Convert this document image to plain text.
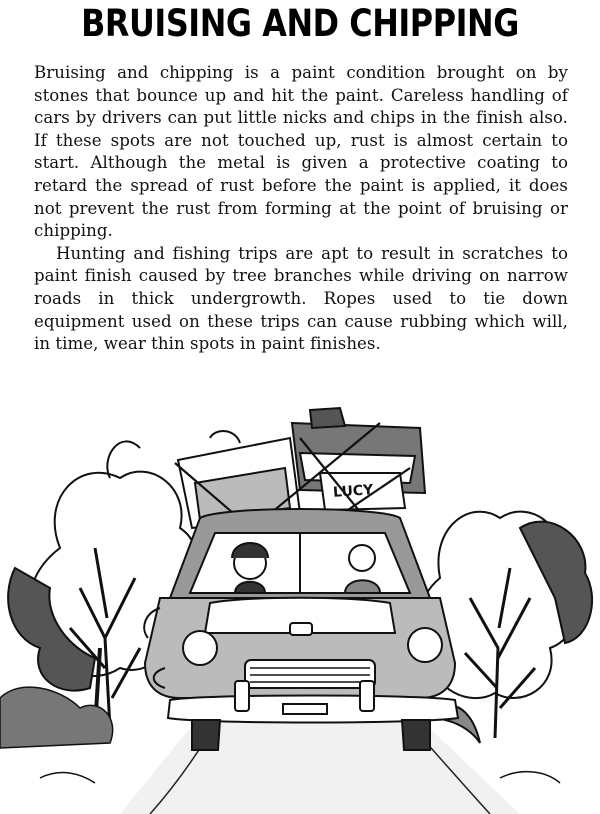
BRUISING AND CHIPPING

Bruising and chipping is a paint condition brought on by stones that bounce up and hit the paint. Careless handling of cars by drivers can put little nicks and chips in the finish also. If these spots are not touched up, rust is almost certain to start. Although the metal is given a protective coating to retard the spread of rust before the paint is applied, it does not prevent the rust from forming at the point of bruising or chipping.

Hunting and fishing trips are apt to result in scratches to paint finish caused by tree branches while driving on narrow roads in thick undergrowth. Ropes used to tie down equipment used on these trips can cause rubbing which will, in time, wear thin spots in paint finishes.

LUCY
